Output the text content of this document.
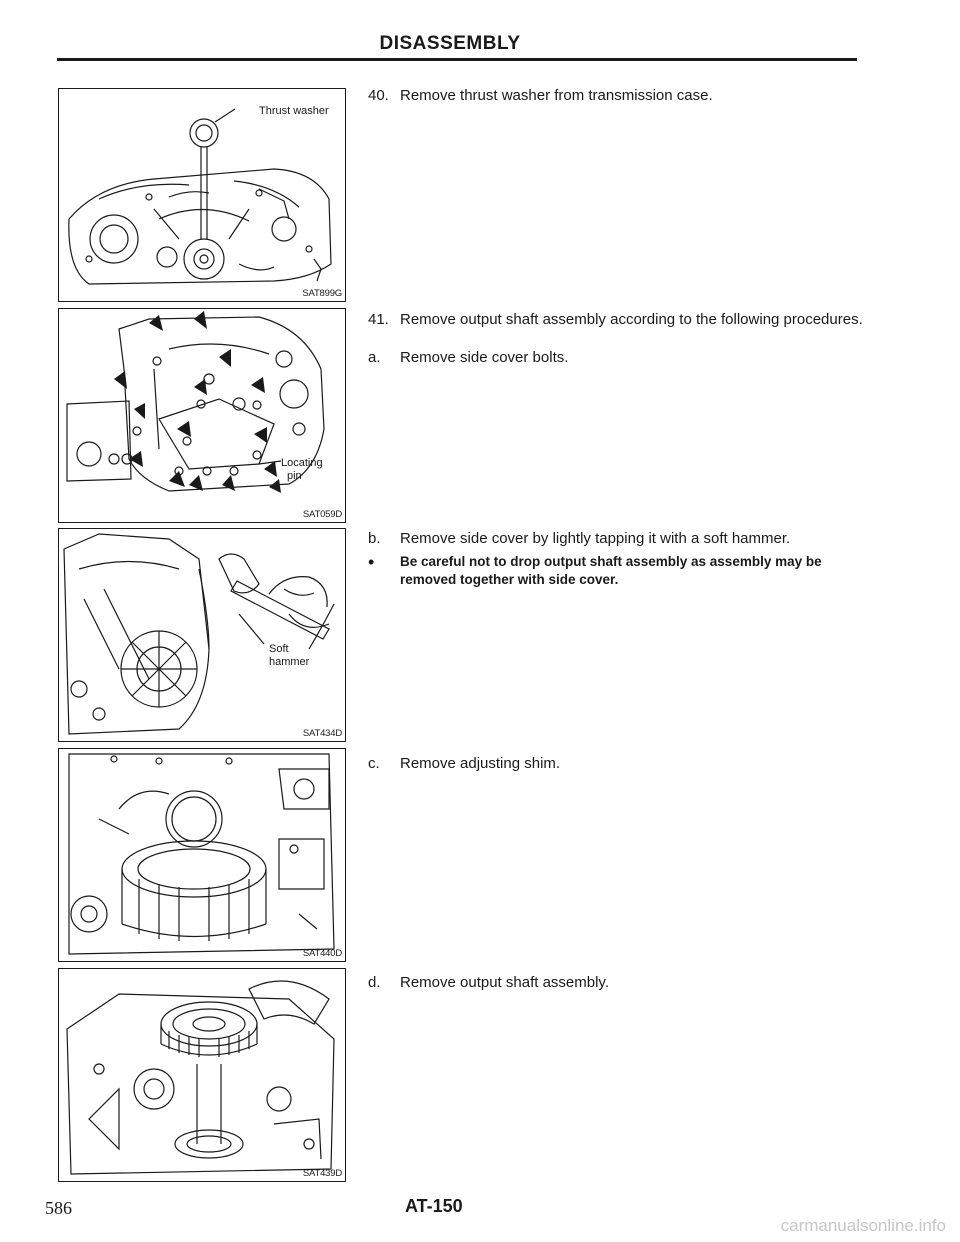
DISASSEMBLY
Thrust washer
SAT899G
Locating
pin
SAT059D
Soft
hammer
SAT434D
SAT440D
SAT439D
40. Remove thrust washer from transmission case.
41. Remove output shaft assembly according to the following procedures.
a. Remove side cover bolts.
b. Remove side cover by lightly tapping it with a soft hammer.
• Be careful not to drop output shaft assembly as assembly may be removed together with side cover.
c. Remove adjusting shim.
d. Remove output shaft assembly.
586	AT-150
carmanualsonline.info
